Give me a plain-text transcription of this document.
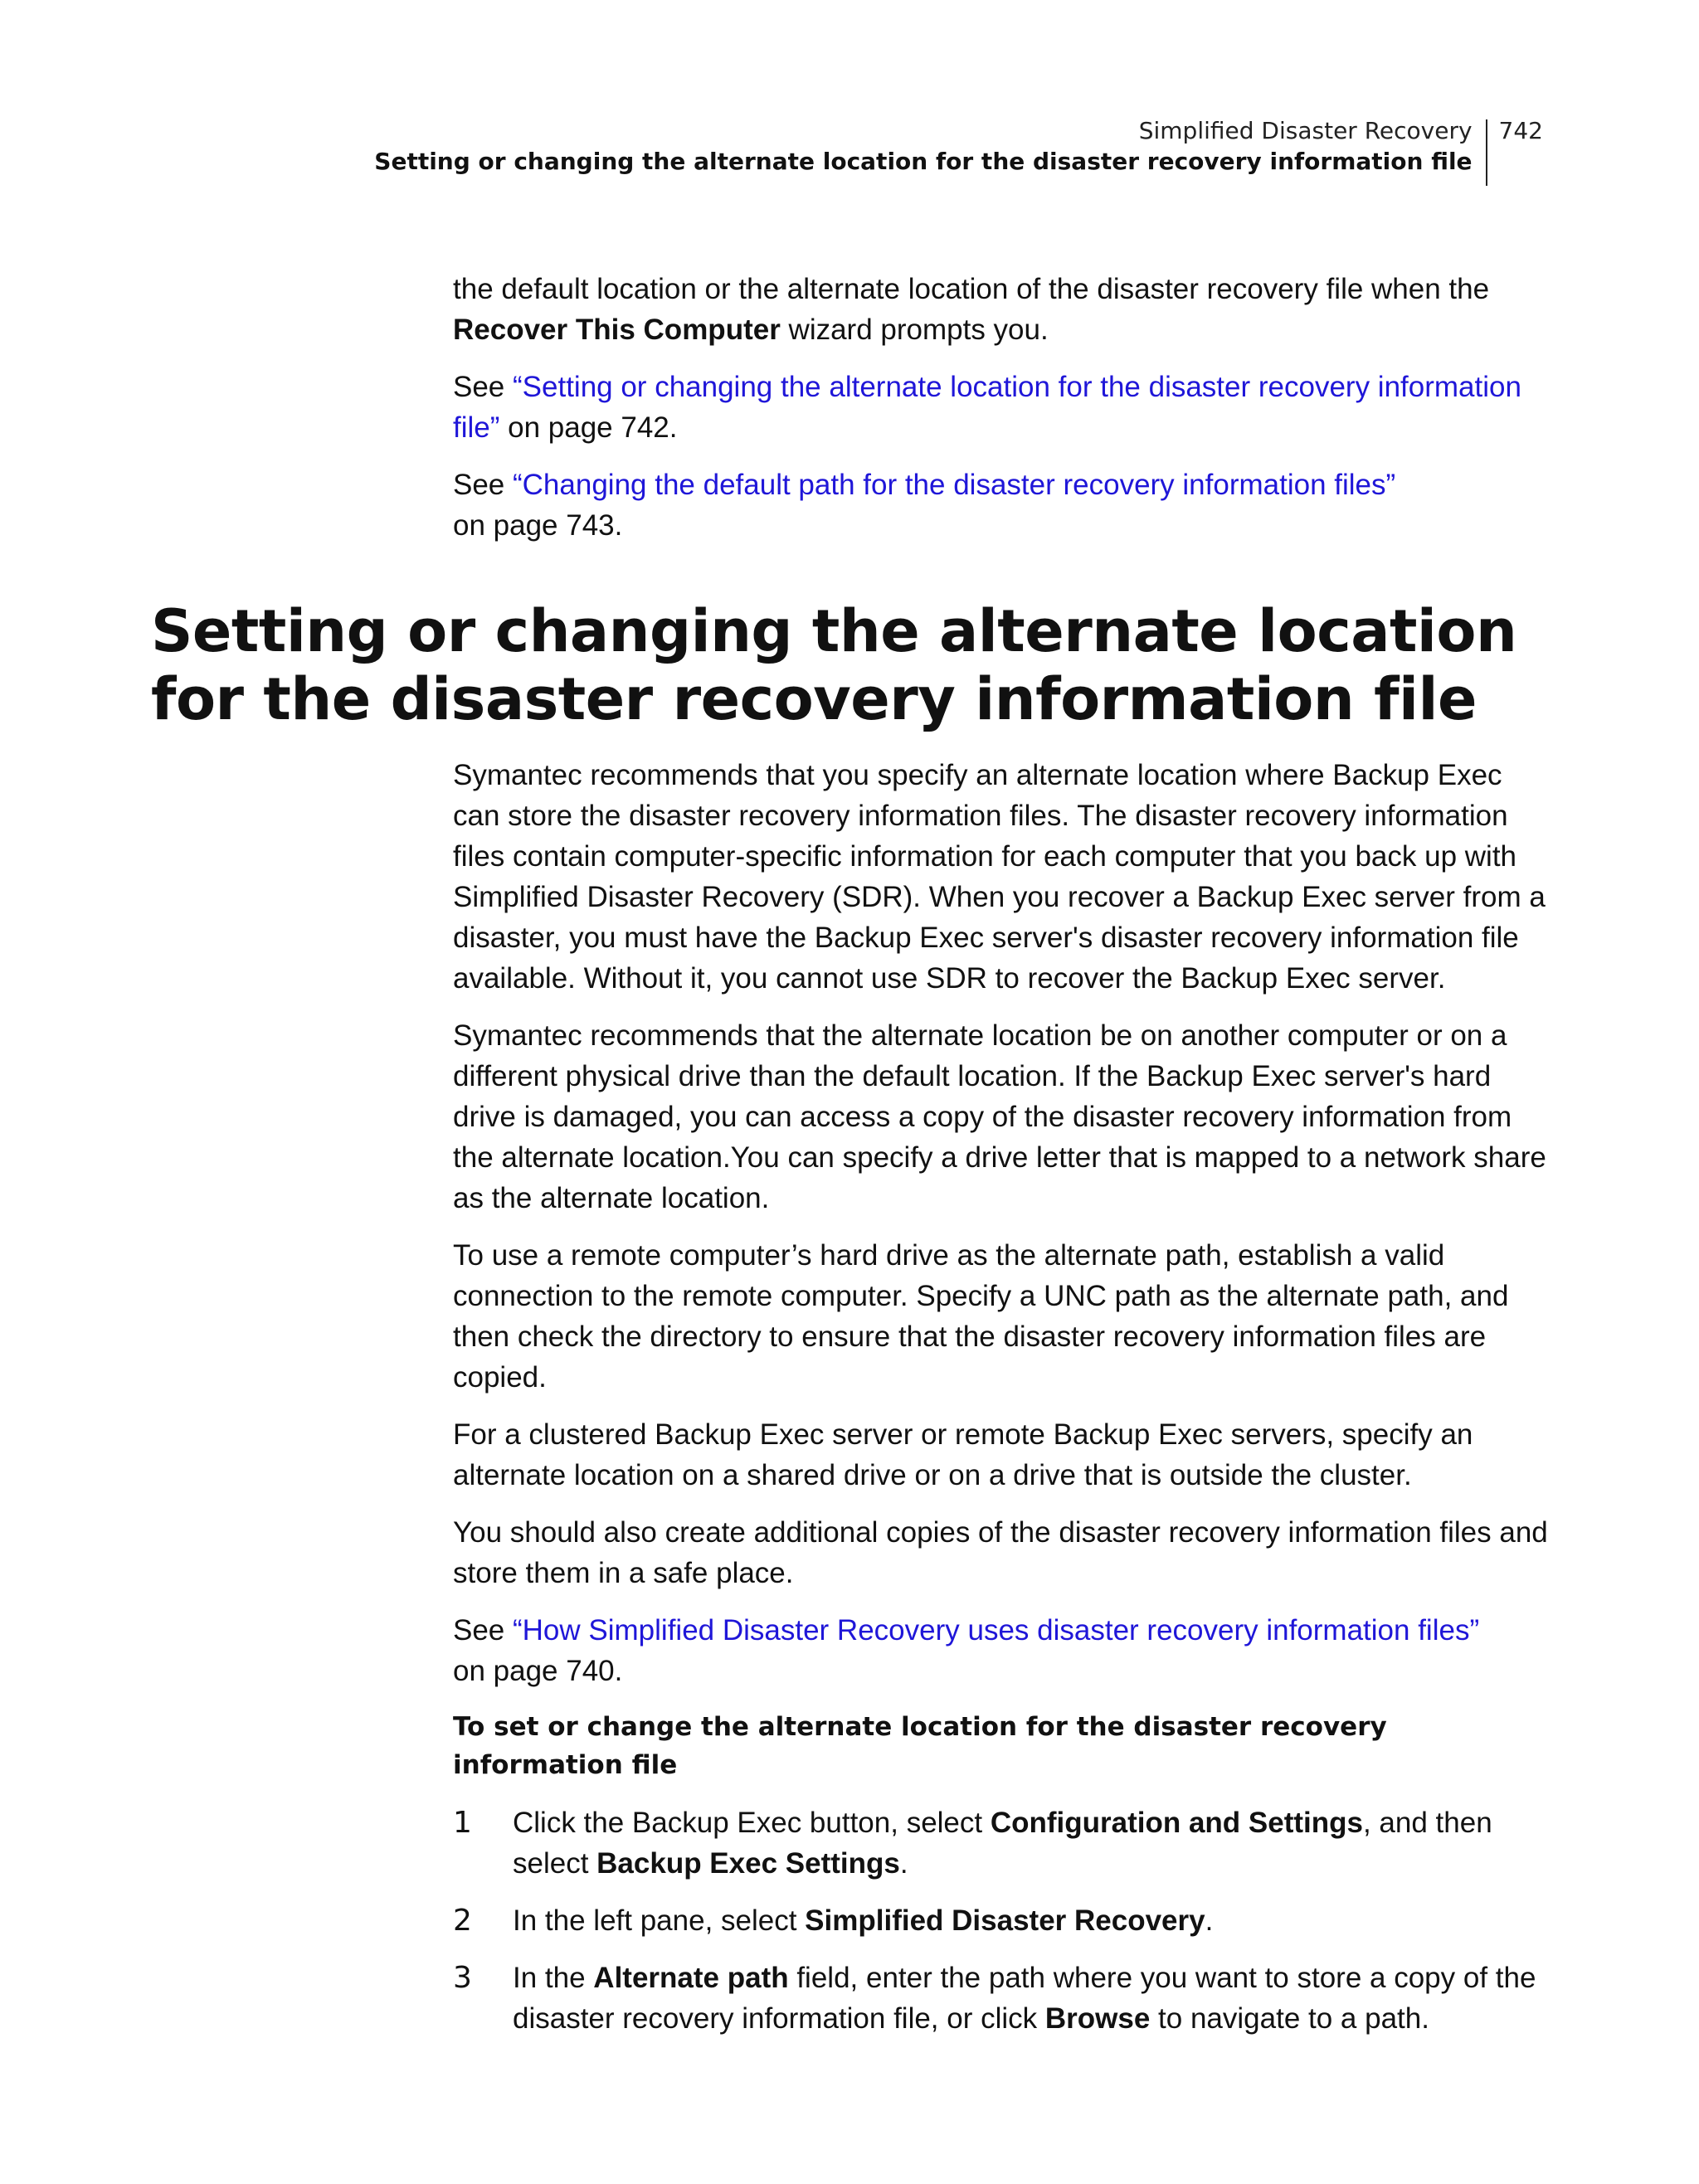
Simplified Disaster Recovery
Setting or changing the alternate location for the disaster recovery information file
742

the default location or the alternate location of the disaster recovery file when the Recover This Computer wizard prompts you.

See “Setting or changing the alternate location for the disaster recovery information file” on page 742.

See “Changing the default path for the disaster recovery information files”
on page 743.

Setting or changing the alternate location for the disaster recovery information file

Symantec recommends that you specify an alternate location where Backup Exec can store the disaster recovery information files. The disaster recovery information files contain computer-specific information for each computer that you back up with Simplified Disaster Recovery (SDR). When you recover a Backup Exec server from a disaster, you must have the Backup Exec server's disaster recovery information file available. Without it, you cannot use SDR to recover the Backup Exec server.

Symantec recommends that the alternate location be on another computer or on a different physical drive than the default location. If the Backup Exec server's hard drive is damaged, you can access a copy of the disaster recovery information from the alternate location.You can specify a drive letter that is mapped to a network share as the alternate location.

To use a remote computer’s hard drive as the alternate path, establish a valid connection to the remote computer. Specify a UNC path as the alternate path, and then check the directory to ensure that the disaster recovery information files are copied.

For a clustered Backup Exec server or remote Backup Exec servers, specify an alternate location on a shared drive or on a drive that is outside the cluster.

You should also create additional copies of the disaster recovery information files and store them in a safe place.

See “How Simplified Disaster Recovery uses disaster recovery information files”
on page 740.

To set or change the alternate location for the disaster recovery information file
1	Click the Backup Exec button, select Configuration and Settings, and then select Backup Exec Settings.
2	In the left pane, select Simplified Disaster Recovery.
3	In the Alternate path field, enter the path where you want to store a copy of the disaster recovery information file, or click Browse to navigate to a path.
